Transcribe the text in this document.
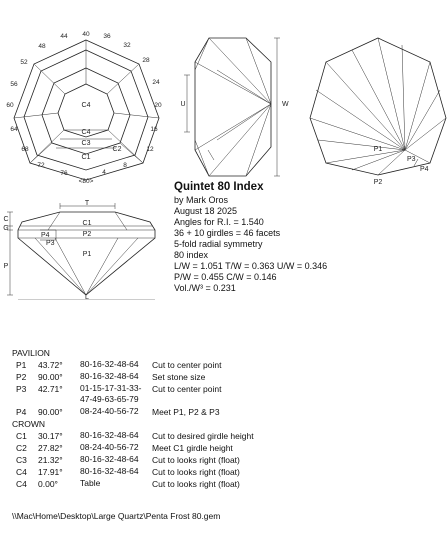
40 36
32
28
24
20
16
12
8
4
76
72
68
64
60
56
52
48
44
<80>
C4
C4
C3
C1
C2
U	W
P1
P3
P4
P2
T
C
G
P
L
C1
P2
P4
P3
P1
Quintet 80 Index
by Mark Oros
August 18 2025
Angles for R.I. = 1.540
36 + 10 girdles = 46 facets
5-fold radial symmetry
80 index
L/W = 1.051 T/W = 0.363 U/W = 0.346
P/W = 0.455 C/W = 0.146
Vol./W³ = 0.231
PAVILION
P1 43.72° 80-16-32-48-64	Cut to center point
P2 90.00° 80-16-32-48-64	Set stone size
P3 42.71° 01-15-17-31-33-47-49-63-65-79
Cut to center point
P4 90.00° 08-24-40-56-72	Meet P1, P2 & P3
CROWN
C1 30.17° 80-16-32-48-64	Cut to desired girdle height
C2 27.82° 08-24-40-56-72	Meet C1 girdle height
C3 21.32° 80-16-32-48-64	Cut to looks right (float)
C4 17.91° 80-16-32-48-64	Cut to looks right (float)
C4 0.00°	Table	Cut to looks right (float)
\\Mac\Home\Desktop\Large Quartz\Penta Frost 80.gem
